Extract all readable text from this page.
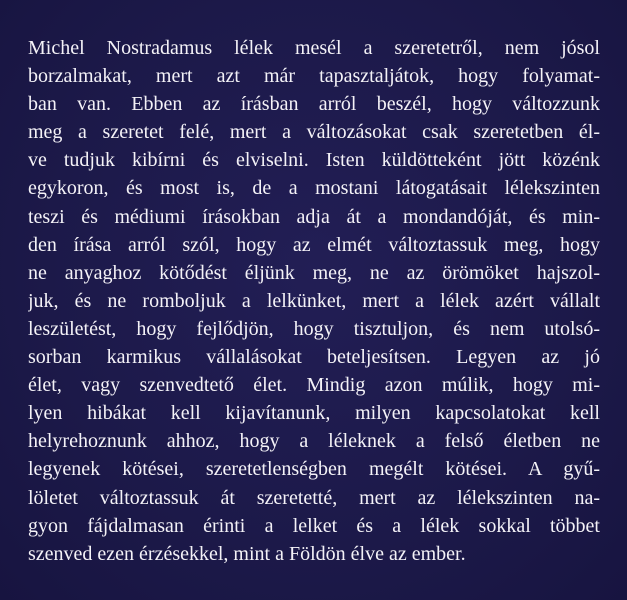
Michel Nostradamus lélek mesél a szeretetről, nem jósol
borzalmakat, mert azt már tapasztaljátok, hogy folyamat-
ban van. Ebben az írásban arról beszél, hogy változzunk
meg a szeretet felé, mert a változásokat csak szeretetben él-
ve tudjuk kibírni és elviselni. Isten küldötteként jött közénk
egykoron, és most is, de a mostani látogatásait lélekszinten
teszi és médiumi írásokban adja át a mondandóját, és min-
den írása arról szól, hogy az elmét változtassuk meg, hogy
ne anyaghoz kötődést éljünk meg, ne az örömöket hajszol-
juk, és ne romboljuk a lelkünket, mert a lélek azért vállalt
leszületést, hogy fejlődjön, hogy tisztuljon, és nem utolsó-
sorban karmikus vállalásokat beteljesítsen. Legyen az jó
élet, vagy szenvedtető élet. Mindig azon múlik, hogy mi-
lyen hibákat kell kijavítanunk, milyen kapcsolatokat kell
helyrehoznunk ahhoz, hogy a léleknek a felső életben ne
legyenek kötései, szeretetlenségben megélt kötései. A gyű-
löletet változtassuk át szeretetté, mert az lélekszinten na-
gyon fájdalmasan érinti a lelket és a lélek sokkal többet
szenved ezen érzésekkel, mint a Földön élve az ember.
